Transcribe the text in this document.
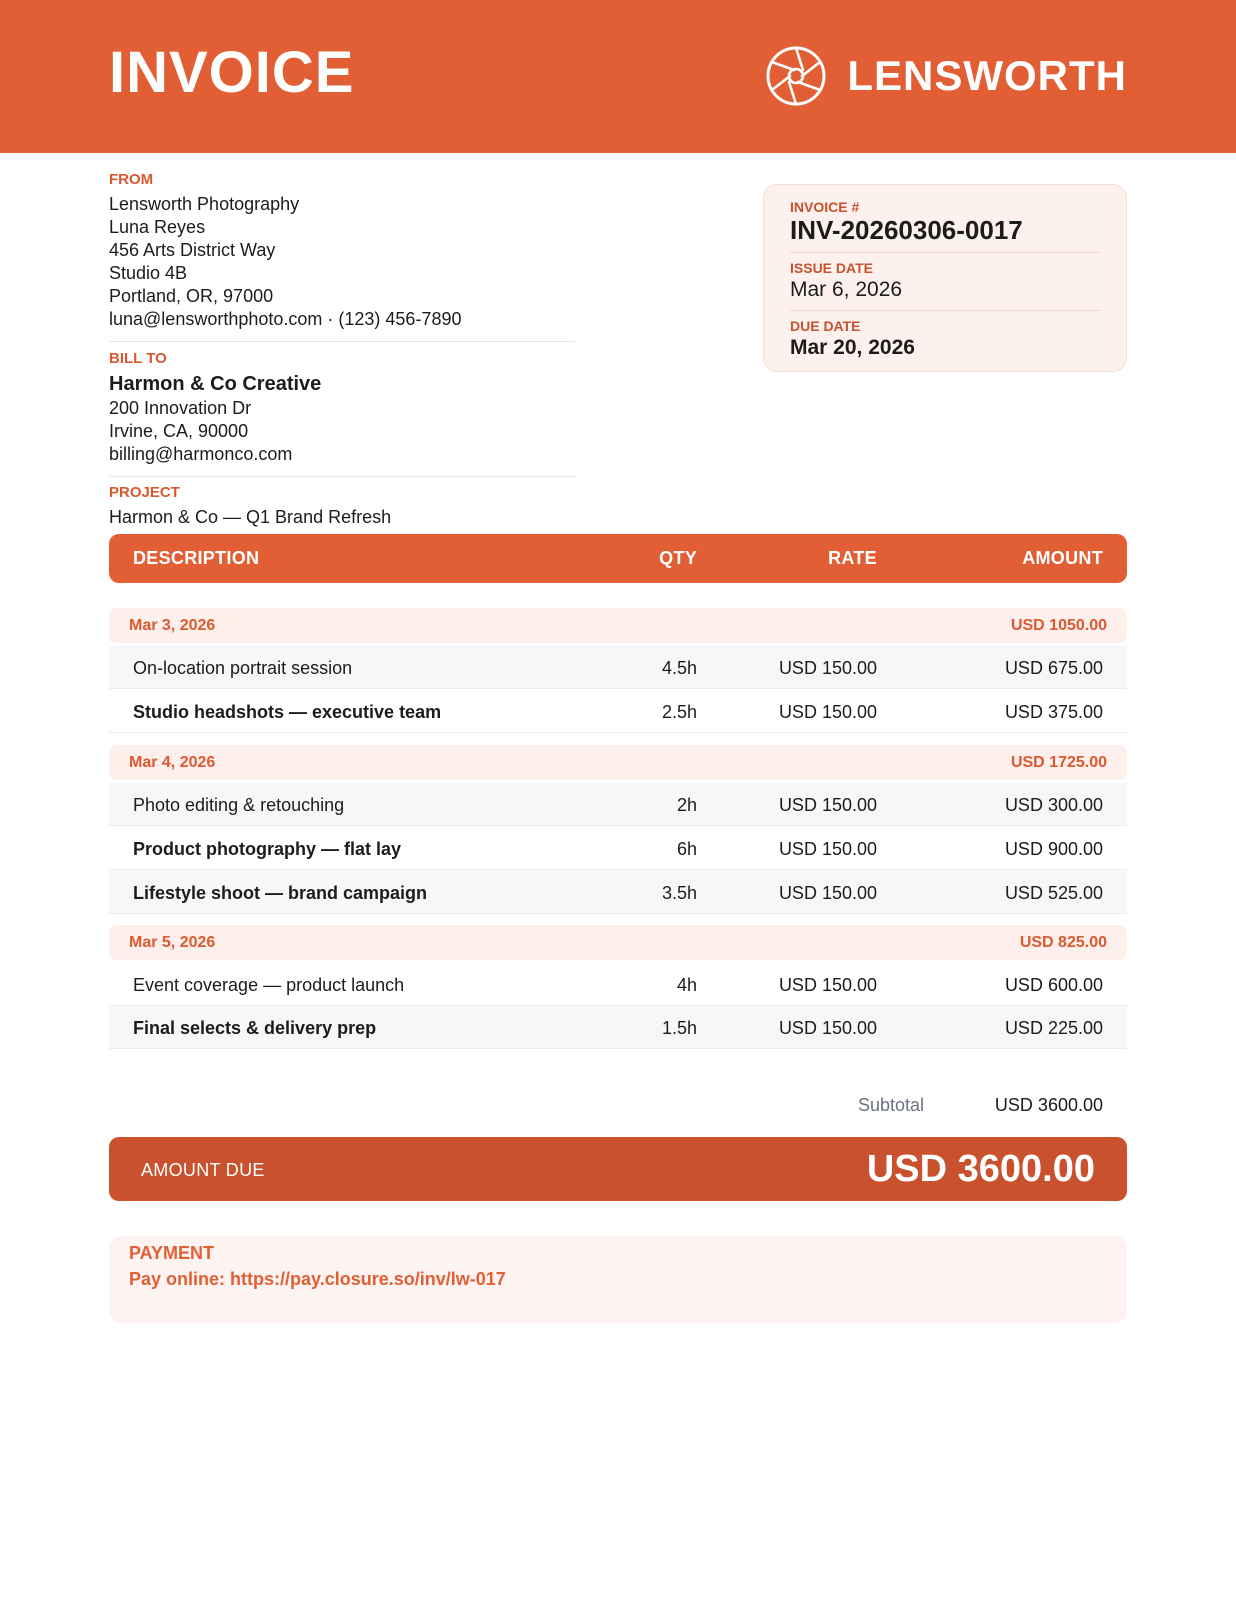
INVOICE	LENSWORTH
FROM
Lensworth Photography
Luna Reyes
456 Arts District Way
Studio 4B
Portland, OR, 97000
luna@lensworthphoto.com · (123) 456-7890
BILL TO
Harmon & Co Creative
200 Innovation Dr
Irvine, CA, 90000
billing@harmonco.com
PROJECT
Harmon & Co — Q1 Brand Refresh
INVOICE #
INV-20260306-0017
ISSUE DATE
Mar 6, 2026
DUE DATE
Mar 20, 2026
DESCRIPTION	QTY	RATE	AMOUNT
Mar 3, 2026	USD 1050.00
On-location portrait session	4.5h	USD 150.00	USD 675.00
Studio headshots — executive team	2.5h	USD 150.00	USD 375.00
Mar 4, 2026	USD 1725.00
Photo editing & retouching	2h	USD 150.00	USD 300.00
Product photography — flat lay	6h	USD 150.00	USD 900.00
Lifestyle shoot — brand campaign	3.5h	USD 150.00	USD 525.00
Mar 5, 2026	USD 825.00
Event coverage — product launch	4h	USD 150.00	USD 600.00
Final selects & delivery prep	1.5h	USD 150.00	USD 225.00
Subtotal	USD 3600.00
AMOUNT DUE	USD 3600.00
PAYMENT
Pay online: https://pay.closure.so/inv/lw-017
